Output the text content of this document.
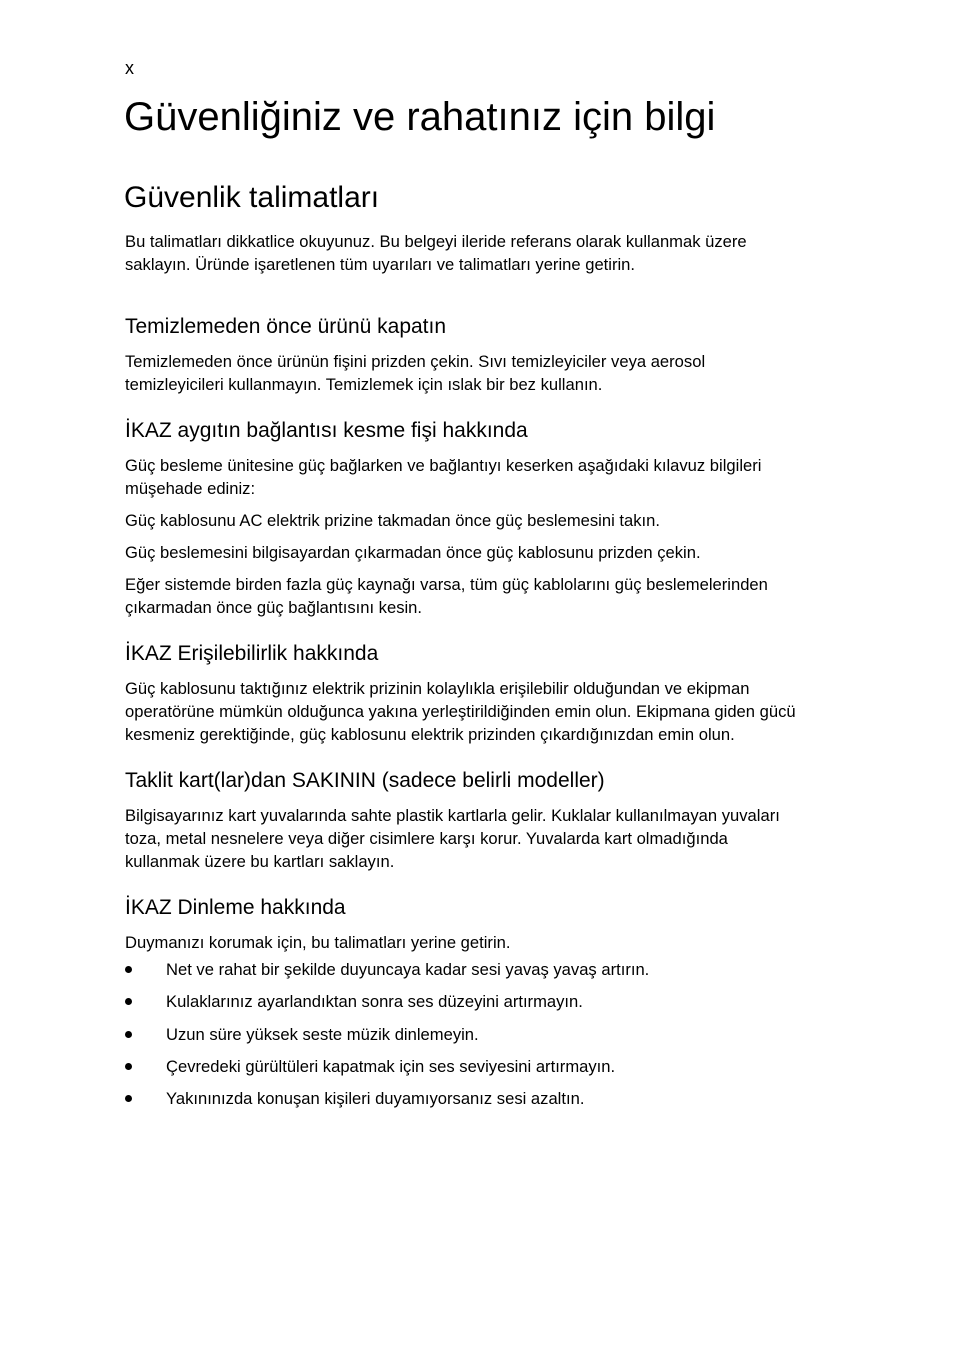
x
Güvenliğiniz ve rahatınız için bilgi
Güvenlik talimatları

Bu talimatları dikkatlice okuyunuz. Bu belgeyi ileride referans olarak kullanmak üzere saklayın. Üründe işaretlenen tüm uyarıları ve talimatları yerine getirin.

Temizlemeden önce ürünü kapatın

Temizlemeden önce ürünün fişini prizden çekin. Sıvı temizleyiciler veya aerosol temizleyicileri kullanmayın. Temizlemek için ıslak bir bez kullanın.

İKAZ aygıtın bağlantısı kesme fişi hakkında

Güç besleme ünitesine güç bağlarken ve bağlantıyı keserken aşağıdaki kılavuz bilgileri müşehade ediniz:

Güç kablosunu AC elektrik prizine takmadan önce güç beslemesini takın.

Güç beslemesini bilgisayardan çıkarmadan önce güç kablosunu prizden çekin.

Eğer sistemde birden fazla güç kaynağı varsa, tüm güç kablolarını güç beslemelerinden çıkarmadan önce güç bağlantısını kesin.

İKAZ Erişilebilirlik hakkında

Güç kablosunu taktığınız elektrik prizinin kolaylıkla erişilebilir olduğundan ve ekipman operatörüne mümkün olduğunca yakına yerleştirildiğinden emin olun. Ekipmana giden gücü kesmeniz gerektiğinde, güç kablosunu elektrik prizinden çıkardığınızdan emin olun.

Taklit kart(lar)dan SAKININ (sadece belirli modeller)

Bilgisayarınız kart yuvalarında sahte plastik kartlarla gelir. Kuklalar kullanılmayan yuvaları toza, metal nesnelere veya diğer cisimlere karşı korur. Yuvalarda kart olmadığında kullanmak üzere bu kartları saklayın.

İKAZ Dinleme hakkında

Duymanızı korumak için, bu talimatları yerine getirin.

Net ve rahat bir şekilde duyuncaya kadar sesi yavaş yavaş artırın.
Kulaklarınız ayarlandıktan sonra ses düzeyini artırmayın.
Uzun süre yüksek seste müzik dinlemeyin.
Çevredeki gürültüleri kapatmak için ses seviyesini artırmayın.
Yakınınızda konuşan kişileri duyamıyorsanız sesi azaltın.
